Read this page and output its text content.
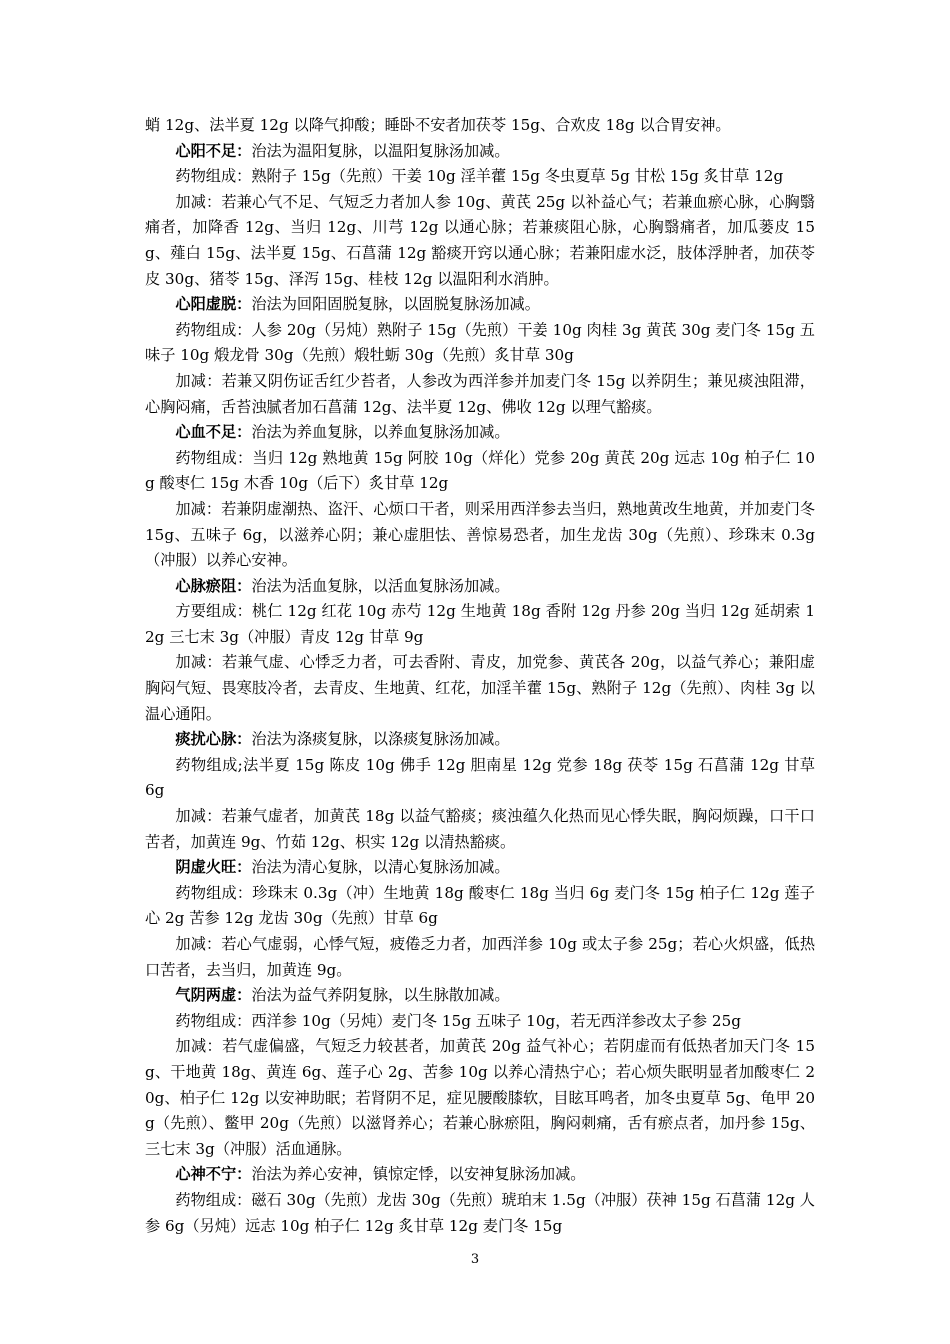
蛸 12g、法半夏 12g 以降气抑酸；睡卧不安者加茯苓 15g、合欢皮 18g 以合胃安神。

心阳不足：治法为温阳复脉，以温阳复脉汤加减。

药物组成：熟附子 15g（先煎）干姜 10g 淫羊藿 15g 冬虫夏草 5g 甘松 15g 炙甘草 12g

加减：若兼心气不足、气短乏力者加人参 10g、黄芪 25g 以补益心气；若兼血瘀心脉，心胸翳痛者，加降香 12g、当归 12g、川芎 12g 以通心脉；若兼痰阻心脉，心胸翳痛者，加瓜蒌皮 15g、薤白 15g、法半夏 15g、石菖蒲 12g 豁痰开窍以通心脉；若兼阳虚水泛，肢体浮肿者，加茯苓皮 30g、猪苓 15g、泽泻 15g、桂枝 12g 以温阳利水消肿。

心阳虚脱：治法为回阳固脱复脉，以固脱复脉汤加减。

药物组成：人参 20g（另炖）熟附子 15g（先煎）干姜 10g 肉桂 3g 黄芪 30g 麦门冬 15g 五味子 10g 煅龙骨 30g（先煎）煅牡蛎 30g（先煎）炙甘草 30g

加减：若兼又阴伤证舌红少苔者，人参改为西洋参并加麦门冬 15g 以养阴生；兼见痰浊阻滞，心胸闷痛，舌苔浊腻者加石菖蒲 12g、法半夏 12g、佛收 12g 以理气豁痰。

心血不足：治法为养血复脉，以养血复脉汤加减。

药物组成：当归 12g 熟地黄 15g 阿胶 10g（烊化）党参 20g 黄芪 20g 远志 10g 柏子仁 10g 酸枣仁 15g 木香 10g（后下）炙甘草 12g

加减：若兼阴虚潮热、盗汗、心烦口干者，则采用西洋参去当归，熟地黄改生地黄，并加麦门冬 15g、五味子 6g，以滋养心阴；兼心虚胆怯、善惊易恐者，加生龙齿 30g（先煎）、珍珠末 0.3g（冲服）以养心安神。

心脉瘀阻：治法为活血复脉，以活血复脉汤加减。

方要组成：桃仁 12g 红花 10g 赤芍 12g 生地黄 18g 香附 12g 丹参 20g 当归 12g 延胡索 12g 三七末 3g（冲服）青皮 12g 甘草 9g

加减：若兼气虚、心悸乏力者，可去香附、青皮，加党参、黄芪各 20g，以益气养心；兼阳虚胸闷气短、畏寒肢冷者，去青皮、生地黄、红花，加淫羊藿 15g、熟附子 12g（先煎）、肉桂 3g 以温心通阳。

痰扰心脉：治法为涤痰复脉，以涤痰复脉汤加减。

药物组成;法半夏 15g 陈皮 10g 佛手 12g 胆南星 12g 党参 18g 茯苓 15g 石菖蒲 12g 甘草 6g

加减：若兼气虚者，加黄芪 18g 以益气豁痰；痰浊蕴久化热而见心悸失眠，胸闷烦躁，口干口苦者，加黄连 9g、竹茹 12g、枳实 12g 以清热豁痰。

阴虚火旺：治法为清心复脉，以清心复脉汤加减。

药物组成：珍珠末 0.3g（冲）生地黄 18g 酸枣仁 18g 当归 6g 麦门冬 15g 柏子仁 12g 莲子心 2g 苦参 12g 龙齿 30g（先煎）甘草 6g

加减：若心气虚弱，心悸气短，疲倦乏力者，加西洋参 10g 或太子参 25g；若心火炽盛，低热口苦者，去当归，加黄连 9g。

气阴两虚：治法为益气养阴复脉，以生脉散加减。

药物组成：西洋参 10g（另炖）麦门冬 15g 五味子 10g，若无西洋参改太子参 25g

加减：若气虚偏盛，气短乏力较甚者，加黄芪 20g 益气补心；若阴虚而有低热者加天门冬 15g、干地黄 18g、黄连 6g、莲子心 2g、苦参 10g 以养心清热宁心；若心烦失眠明显者加酸枣仁 20g、柏子仁 12g 以安神助眠；若肾阴不足，症见腰酸膝软，目眩耳鸣者，加冬虫夏草 5g、龟甲 20g（先煎）、鳖甲 20g（先煎）以滋肾养心；若兼心脉瘀阻，胸闷刺痛，舌有瘀点者，加丹参 15g、三七末 3g（冲服）活血通脉。

心神不宁：治法为养心安神，镇惊定悸，以安神复脉汤加减。

药物组成：磁石 30g（先煎）龙齿 30g（先煎）琥珀末 1.5g（冲服）茯神 15g 石菖蒲 12g 人参 6g（另炖）远志 10g 柏子仁 12g 炙甘草 12g 麦门冬 15g

3
